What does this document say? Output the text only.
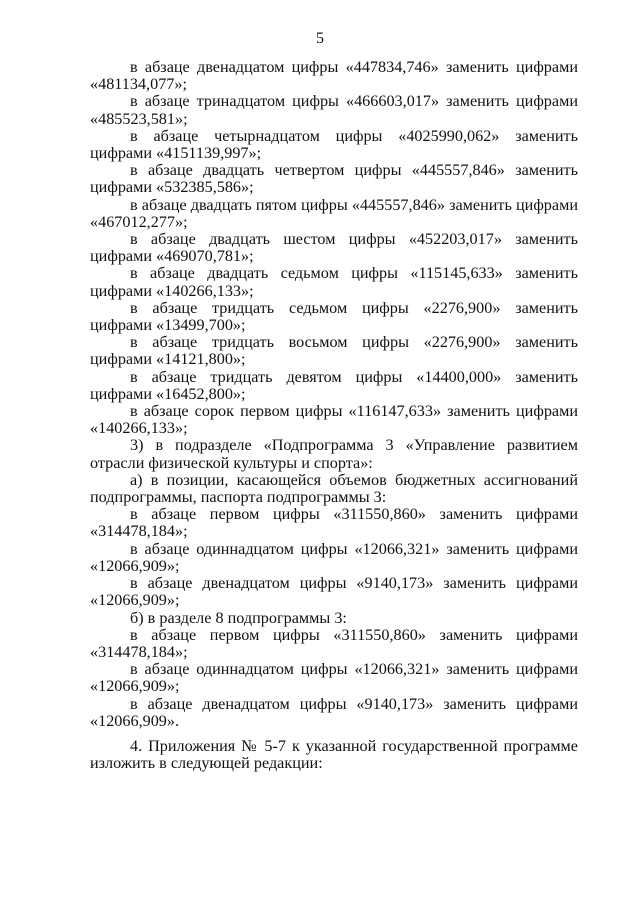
5

в абзаце двенадцатом цифры «447834,746» заменить цифрами «481134,077»;

в абзаце тринадцатом цифры «466603,017» заменить цифрами «485523,581»;

в абзаце четырнадцатом цифры «4025990,062» заменить цифрами «4151139,997»;

в абзаце двадцать четвертом цифры «445557,846» заменить цифрами «532385,586»;

в абзаце двадцать пятом цифры «445557,846» заменить цифрами «467012,277»;

в абзаце двадцать шестом цифры «452203,017» заменить цифрами «469070,781»;

в абзаце двадцать седьмом цифры «115145,633» заменить цифрами «140266,133»;

в абзаце тридцать седьмом цифры «2276,900» заменить цифрами «13499,700»;

в абзаце тридцать восьмом цифры «2276,900» заменить цифрами «14121,800»;

в абзаце тридцать девятом цифры «14400,000» заменить цифрами «16452,800»;

в абзаце сорок первом цифры «116147,633» заменить цифрами «140266,133»;

3) в подразделе «Подпрограмма 3 «Управление развитием отрасли физической культуры и спорта»:

а) в позиции, касающейся объемов бюджетных ассигнований подпрограммы, паспорта подпрограммы 3:

в абзаце первом цифры «311550,860» заменить цифрами «314478,184»;

в абзаце одиннадцатом цифры «12066,321» заменить цифрами «12066,909»;

в абзаце двенадцатом цифры «9140,173» заменить цифрами «12066,909»;

б) в разделе 8 подпрограммы 3:

в абзаце первом цифры «311550,860» заменить цифрами «314478,184»;

в абзаце одиннадцатом цифры «12066,321» заменить цифрами «12066,909»;

в абзаце двенадцатом цифры «9140,173» заменить цифрами «12066,909».

4. Приложения № 5-7 к указанной государственной программе изложить в следующей редакции:
